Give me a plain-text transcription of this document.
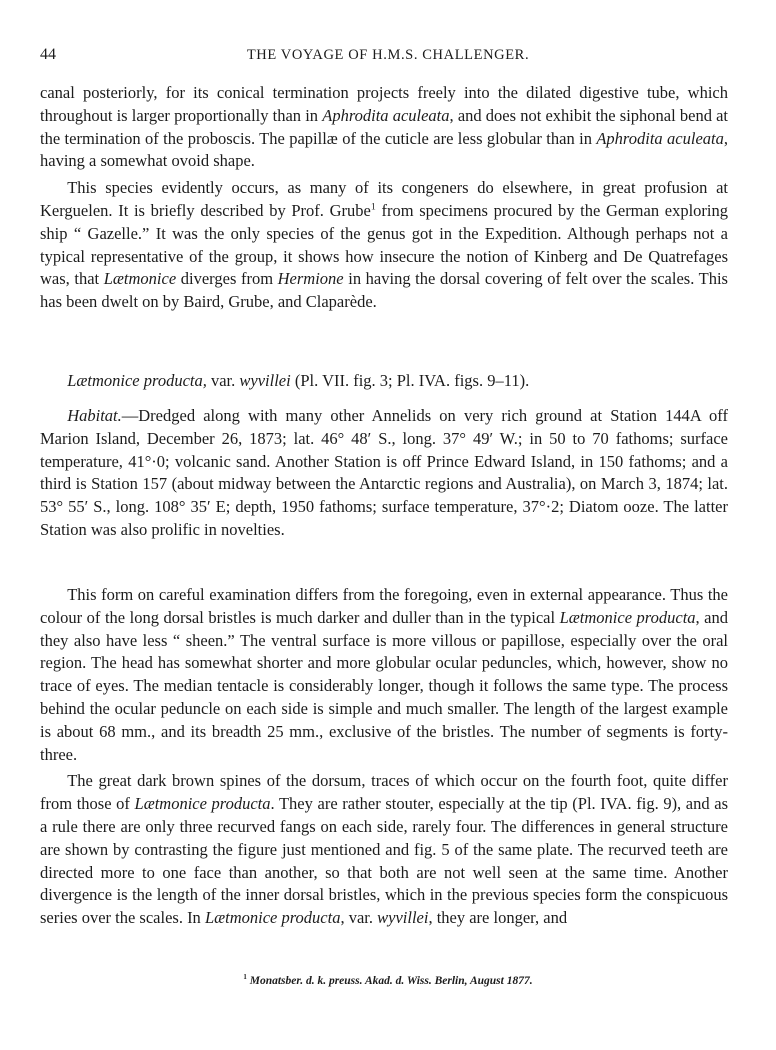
44	THE VOYAGE OF H.M.S. CHALLENGER.

canal posteriorly, for its conical termination projects freely into the dilated digestive tube, which throughout is larger proportionally than in Aphrodita aculeata, and does not exhibit the siphonal bend at the termination of the proboscis. The papillæ of the cuticle are less globular than in Aphrodita aculeata, having a somewhat ovoid shape.

This species evidently occurs, as many of its congeners do elsewhere, in great profusion at Kerguelen. It is briefly described by Prof. Grube$^1$ from specimens procured by the German exploring ship “ Gazelle.” It was the only species of the genus got in the Expedition. Although perhaps not a typical representative of the group, it shows how insecure the notion of Kinberg and De Quatrefages was, that Lætmonice diverges from Hermione in having the dorsal covering of felt over the scales. This has been dwelt on by Baird, Grube, and Claparède.

Lætmonice producta, var. wyvillei (Pl. VII. fig. 3; Pl. IVA. figs. 9–11).
Habitat.—Dredged along with many other Annelids on very rich ground at Station 144A off Marion Island, December 26, 1873; lat. 46° 48′ S., long. 37° 49′ W.; in 50 to 70 fathoms; surface temperature, 41°·0; volcanic sand. Another Station is off Prince Edward Island, in 150 fathoms; and a third is Station 157 (about midway between the Antarctic regions and Australia), on March 3, 1874; lat. 53° 55′ S., long. 108° 35′ E; depth, 1950 fathoms; surface temperature, 37°·2; Diatom ooze. The latter Station was also prolific in novelties.

This form on careful examination differs from the foregoing, even in external appearance. Thus the colour of the long dorsal bristles is much darker and duller than in the typical Lætmonice producta, and they also have less “ sheen.” The ventral surface is more villous or papillose, especially over the oral region. The head has somewhat shorter and more globular ocular peduncles, which, however, show no trace of eyes. The median tentacle is considerably longer, though it follows the same type. The process behind the ocular peduncle on each side is simple and much smaller. The length of the largest example is about 68 mm., and its breadth 25 mm., exclusive of the bristles. The number of segments is forty-three.

The great dark brown spines of the dorsum, traces of which occur on the fourth foot, quite differ from those of Lætmonice producta. They are rather stouter, especially at the tip (Pl. IVA. fig. 9), and as a rule there are only three recurved fangs on each side, rarely four. The differences in general structure are shown by contrasting the figure just mentioned and fig. 5 of the same plate. The recurved teeth are directed more to one face than another, so that both are not well seen at the same time. Another divergence is the length of the inner dorsal bristles, which in the previous species form the conspicuous series over the scales. In Lætmonice producta, var. wyvillei, they are longer, and

$^1$ Monatsber. d. k. preuss. Akad. d. Wiss. Berlin, August 1877.
